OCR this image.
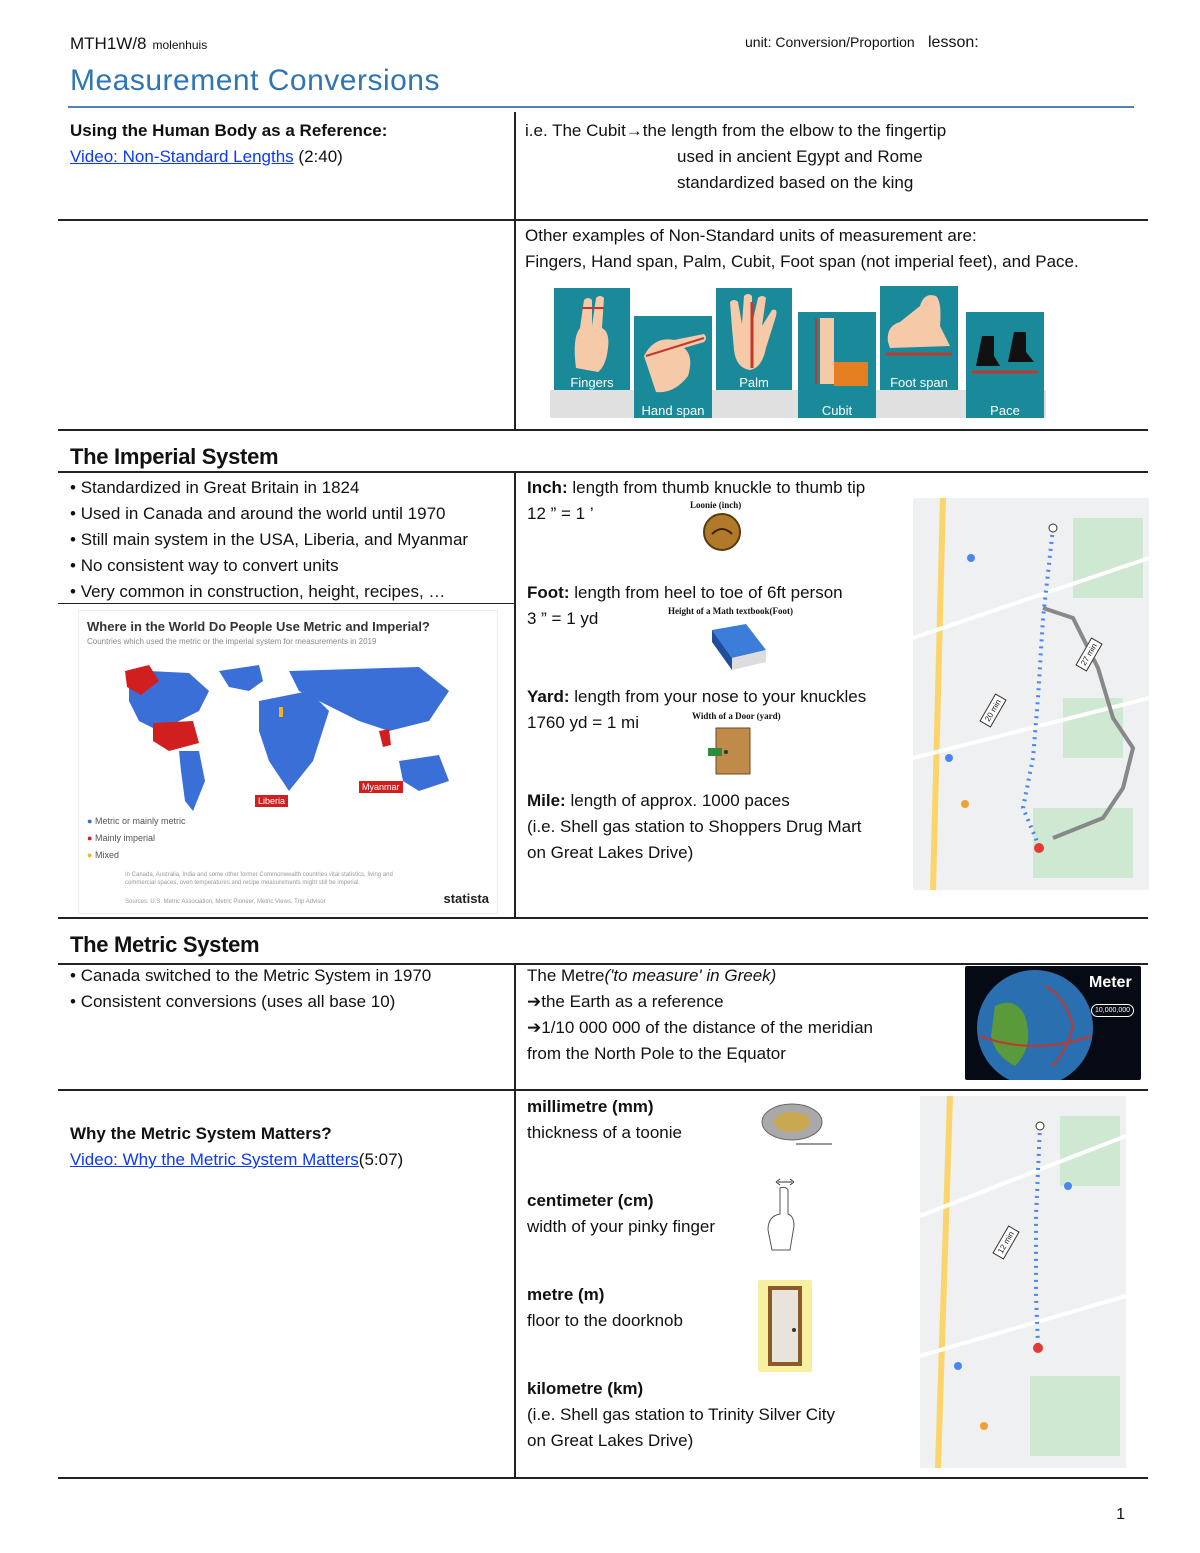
MTH1W/8 molenhuis	unit: Conversion/Proportion lesson:
Measurement Conversions
Using the Human Body as a Reference:
Video: Non-Standard Lengths (2:40)
i.e. The Cubit→the length from the elbow to the fingertip
used in ancient Egypt and Rome
standardized based on the king
Other examples of Non-Standard units of measurement are:
Fingers, Hand span, Palm, Cubit, Foot span (not imperial feet), and Pace.
Fingers
Hand span
Palm
Cubit
Foot span
Pace
The Imperial System
• Standardized in Great Britain in 1824
• Used in Canada and around the world until 1970
• Still main system in the USA, Liberia, and Myanmar
• No consistent way to convert units
• Very common in construction, height, recipes, …
Where in the World Do People Use Metric and Imperial?
Countries which used the metric or the imperial system for measurements in 2019
Liberia
Myanmar
● Metric or mainly metric
● Mainly imperial
● Mixed
In Canada, Australia, India and some other former Commonwealth countries vital statistics, living and commercial spaces, oven temperatures and recipe measurements might still be imperial.
Sources: U.S. Metric Association, Metric Pioneer, Metric Views, Trip Advisor	statista
Inch: length from thumb knuckle to thumb tip
12 ” = 1 ’	Loonie (inch)
Foot: length from heel to toe of 6ft person
3 ” = 1 yd	Height of a Math textbook(Foot)
Yard: length from your nose to your knuckles
1760 yd = 1 mi	Width of a Door (yard)
Mile: length of approx. 1000 paces
(i.e. Shell gas station to Shoppers Drug Mart
on Great Lakes Drive)
27 min
20 min
The Metric System
• Canada switched to the Metric System in 1970
• Consistent conversions (uses all base 10)
The Metre('to measure' in Greek)
➔the Earth as a reference
➔1/10 000 000 of the distance of the meridian
from the North Pole to the Equator
Meter
10,000,000
Why the Metric System Matters?
Video: Why the Metric System Matters(5:07)
millimetre (mm)
thickness of a toonie
centimeter (cm)
width of your pinky finger
metre (m)
floor to the doorknob
kilometre (km)
(i.e. Shell gas station to Trinity Silver City
on Great Lakes Drive)
12 min
1
